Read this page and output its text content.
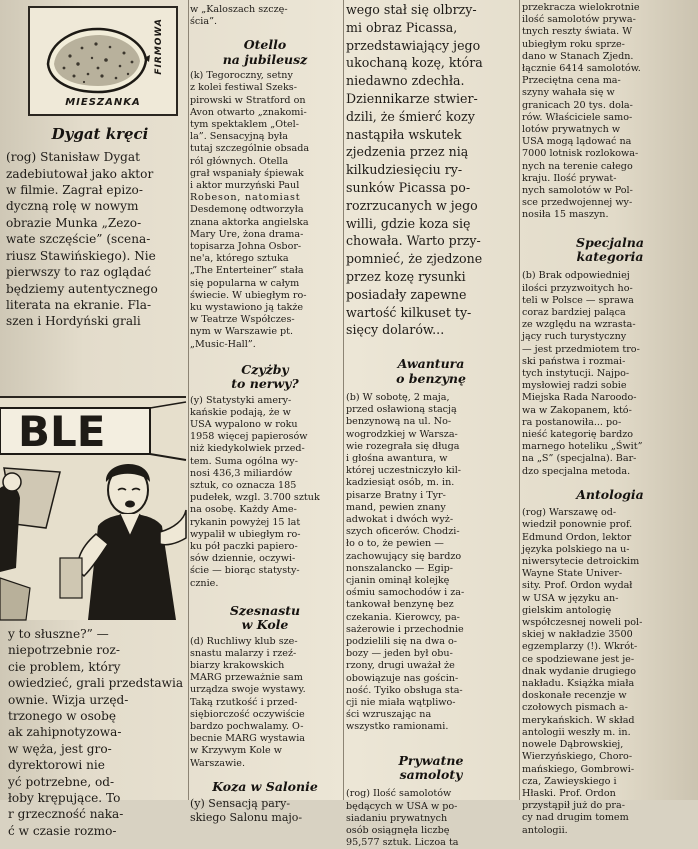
FIRMOWA
MIESZANKA
Dygat kręci
(rog) Stanisław Dygat
zadebiutował jako aktor
w filmie. Zagrał epizo-
dyczną rolę w nowym
obrazie Munka „Zezo-
wate szczęście” (scena-
riusz Stawińskiego). Nie
pierwszy to raz oglądać
będziemy autentycznego
literata na ekranie. Fla-
szen i Hordyński grali
BLE
y to słuszne?” —
niepotrzebnie roz-
cie problem, który
owiedzieć, grali przedstawia
ownie. Wizja urzęd-
trzonego w osobę
ak zahipnotyzowa-
w węża, jest gro-
dyrektorowi nie
yć potrzebne, od-
łoby krępujące. To
r grzeczność naka-
ć w czasie rozmo-
w „Kaloszach szczę-
ścia”.
Otello
na jubileusz
(k) Tegoroczny, setny
z kolei festiwal Szeks-
pirowski w Stratford on
Avon otwarto „znakomi-
tym spektaklem „Otel-
la”. Sensacyjną była
tutaj szczególnie obsada
ról głównych. Otella
grał wspaniały śpiewak
i aktor murzyński Paul
Robeson, natomiast
Desdemonę odtworzyła
znana aktorka angielska
Mary Ure, żona drama-
topisarza Johna Osbor-
ne'a, którego sztuka
„The Enterteiner” stała
się popularna w całym
świecie. W ubiegłym ro-
ku wystawiono ją także
w Teatrze Współczes-
nym w Warszawie pt.
„Music-Hall”.
Czyżby
to nerwy?
(y) Statystyki amery-
kańskie podają, że w
USA wypalono w roku
1958 więcej papierosów
niż kiedykolwiek przed-
tem. Suma ogólna wy-
nosi 436,3 miliardów
sztuk, co oznacza 185
pudełek, wzgl. 3.700 sztuk
na osobę. Każdy Ame-
rykanin powyżej 15 lat
wypalił w ubiegłym ro-
ku pół paczki papiero-
sów dziennie, oczywi-
ście — biorąc statysty-
cznie.
Szesnastu
w Kole
(d) Ruchliwy klub sze-
snastu malarzy i rzeź-
biarzy krakowskich
MARG przeważnie sam
urządza swoje wystawy.
Taką rzutkość i przed-
siębiorczość oczywiście
bardzo pochwalamy. O-
becnie MARG wystawia
w Krzywym Kole w
Warszawie.
Koza w Salonie
(y) Sensacją pary-
skiego Salonu majo-
wego stał się olbrzy-
mi obraz Picassa,
przedstawiający jego
ukochaną kozę, która
niedawno zdechła.
Dziennikarze stwier-
dzili, że śmierć kozy
nastąpiła wskutek
zjedzenia przez nią
kilkudziesięciu ry-
sunków Picassa po-
rozrzucanych w jego
willi, gdzie koza się
chowała. Warto przy-
pomnieć, że zjedzone
przez kozę rysunki
posiadały zapewne
wartość kilkuset ty-
sięcy dolarów...
Awantura
o benzynę
(b) W sobotę, 2 maja,
przed osławioną stacją
benzynową na ul. No-
wogrodzkiej w Warsza-
wie rozegrała się długa
i głośna awantura, w
której uczestniczyło kil-
kadziesiąt osób, m. in.
pisarze Bratny i Tyr-
mand, pewien znany
adwokat i dwóch wyż-
szych oficerów. Chodzi-
ło o to, że pewien —
zachowujący się bardzo
nonszalancko — Egip-
cjanin ominął kolejkę
ośmiu samochodów i za-
tankował benzynę bez
czekania. Kierowcy, pa-
sażerowie i przechodnie
podzielili się na dwa o-
bozy — jeden był obu-
rzony, drugi uważał że
obowiązuje nas gościn-
ność. Tyiko obsługa sta-
cji nie miała wątpliwo-
ści wzruszając na
wszystko ramionami.
Prywatne
samoloty
(rog) Ilość samolotów
będących w USA w po-
siadaniu prywatnych
osób osiągnęła liczbę
95,577 sztuk. Liczoa ta
przekracza wielokrotnie
ilość samolotów prywa-
tnych reszty świata. W
ubiegłym roku sprze-
dano w Stanach Zjedn.
łącznie 6414 samolotów.
Przeciętna cena ma-
szyny wahała się w
granicach 20 tys. dola-
rów. Właściciele samo-
lotów prywatnych w
USA mogą lądować na
7000 lotnisk rozlokowa-
nych na terenie całego
kraju. Ilość prywat-
nych samolotów w Pol-
sce przedwojennej wy-
nosiła 15 maszyn.
Specjalna
kategoria
(b) Brak odpowiedniej
ilości przyzwoitych ho-
teli w Polsce — sprawa
coraz bardziej paląca
ze względu na wzrasta-
jący ruch turystyczny
— jest przedmiotem tro-
ski państwa i rozmai-
tych instytucji. Najpo-
mysłowiej radzi sobie
Miejska Rada Naroodo-
wa w Zakopanem, któ-
ra postanowiła... po-
nieść kategorię bardzo
marnego hoteliku „Świt”
na „S” (specjalna). Bar-
dzo specjalna metoda.
Antologia
(rog) Warszawę od-
wiedził ponownie prof.
Edmund Ordon, lektor
języka polskiego na u-
niwersytecie detroickim
Wayne State Univer-
sity. Prof. Ordon wydał
w USA w języku an-
gielskim antologię
współczesnej noweli pol-
skiej w nakładzie 3500
egzemplarzy (!). Wkrót-
ce spodziewane jest je-
dnak wydanie drugiego
nakładu. Książka miała
doskonałe recenzje w
czołowych pismach a-
merykańskich. W skład
antologii weszły m. in.
nowele Dąbrowskiej,
Wierzyńskiego, Choro-
mańskiego, Gombrowi-
cza, Zawieyskiego i
Hłaski. Prof. Ordon
przystąpił już do pra-
cy nad drugim tomem
antologii.
